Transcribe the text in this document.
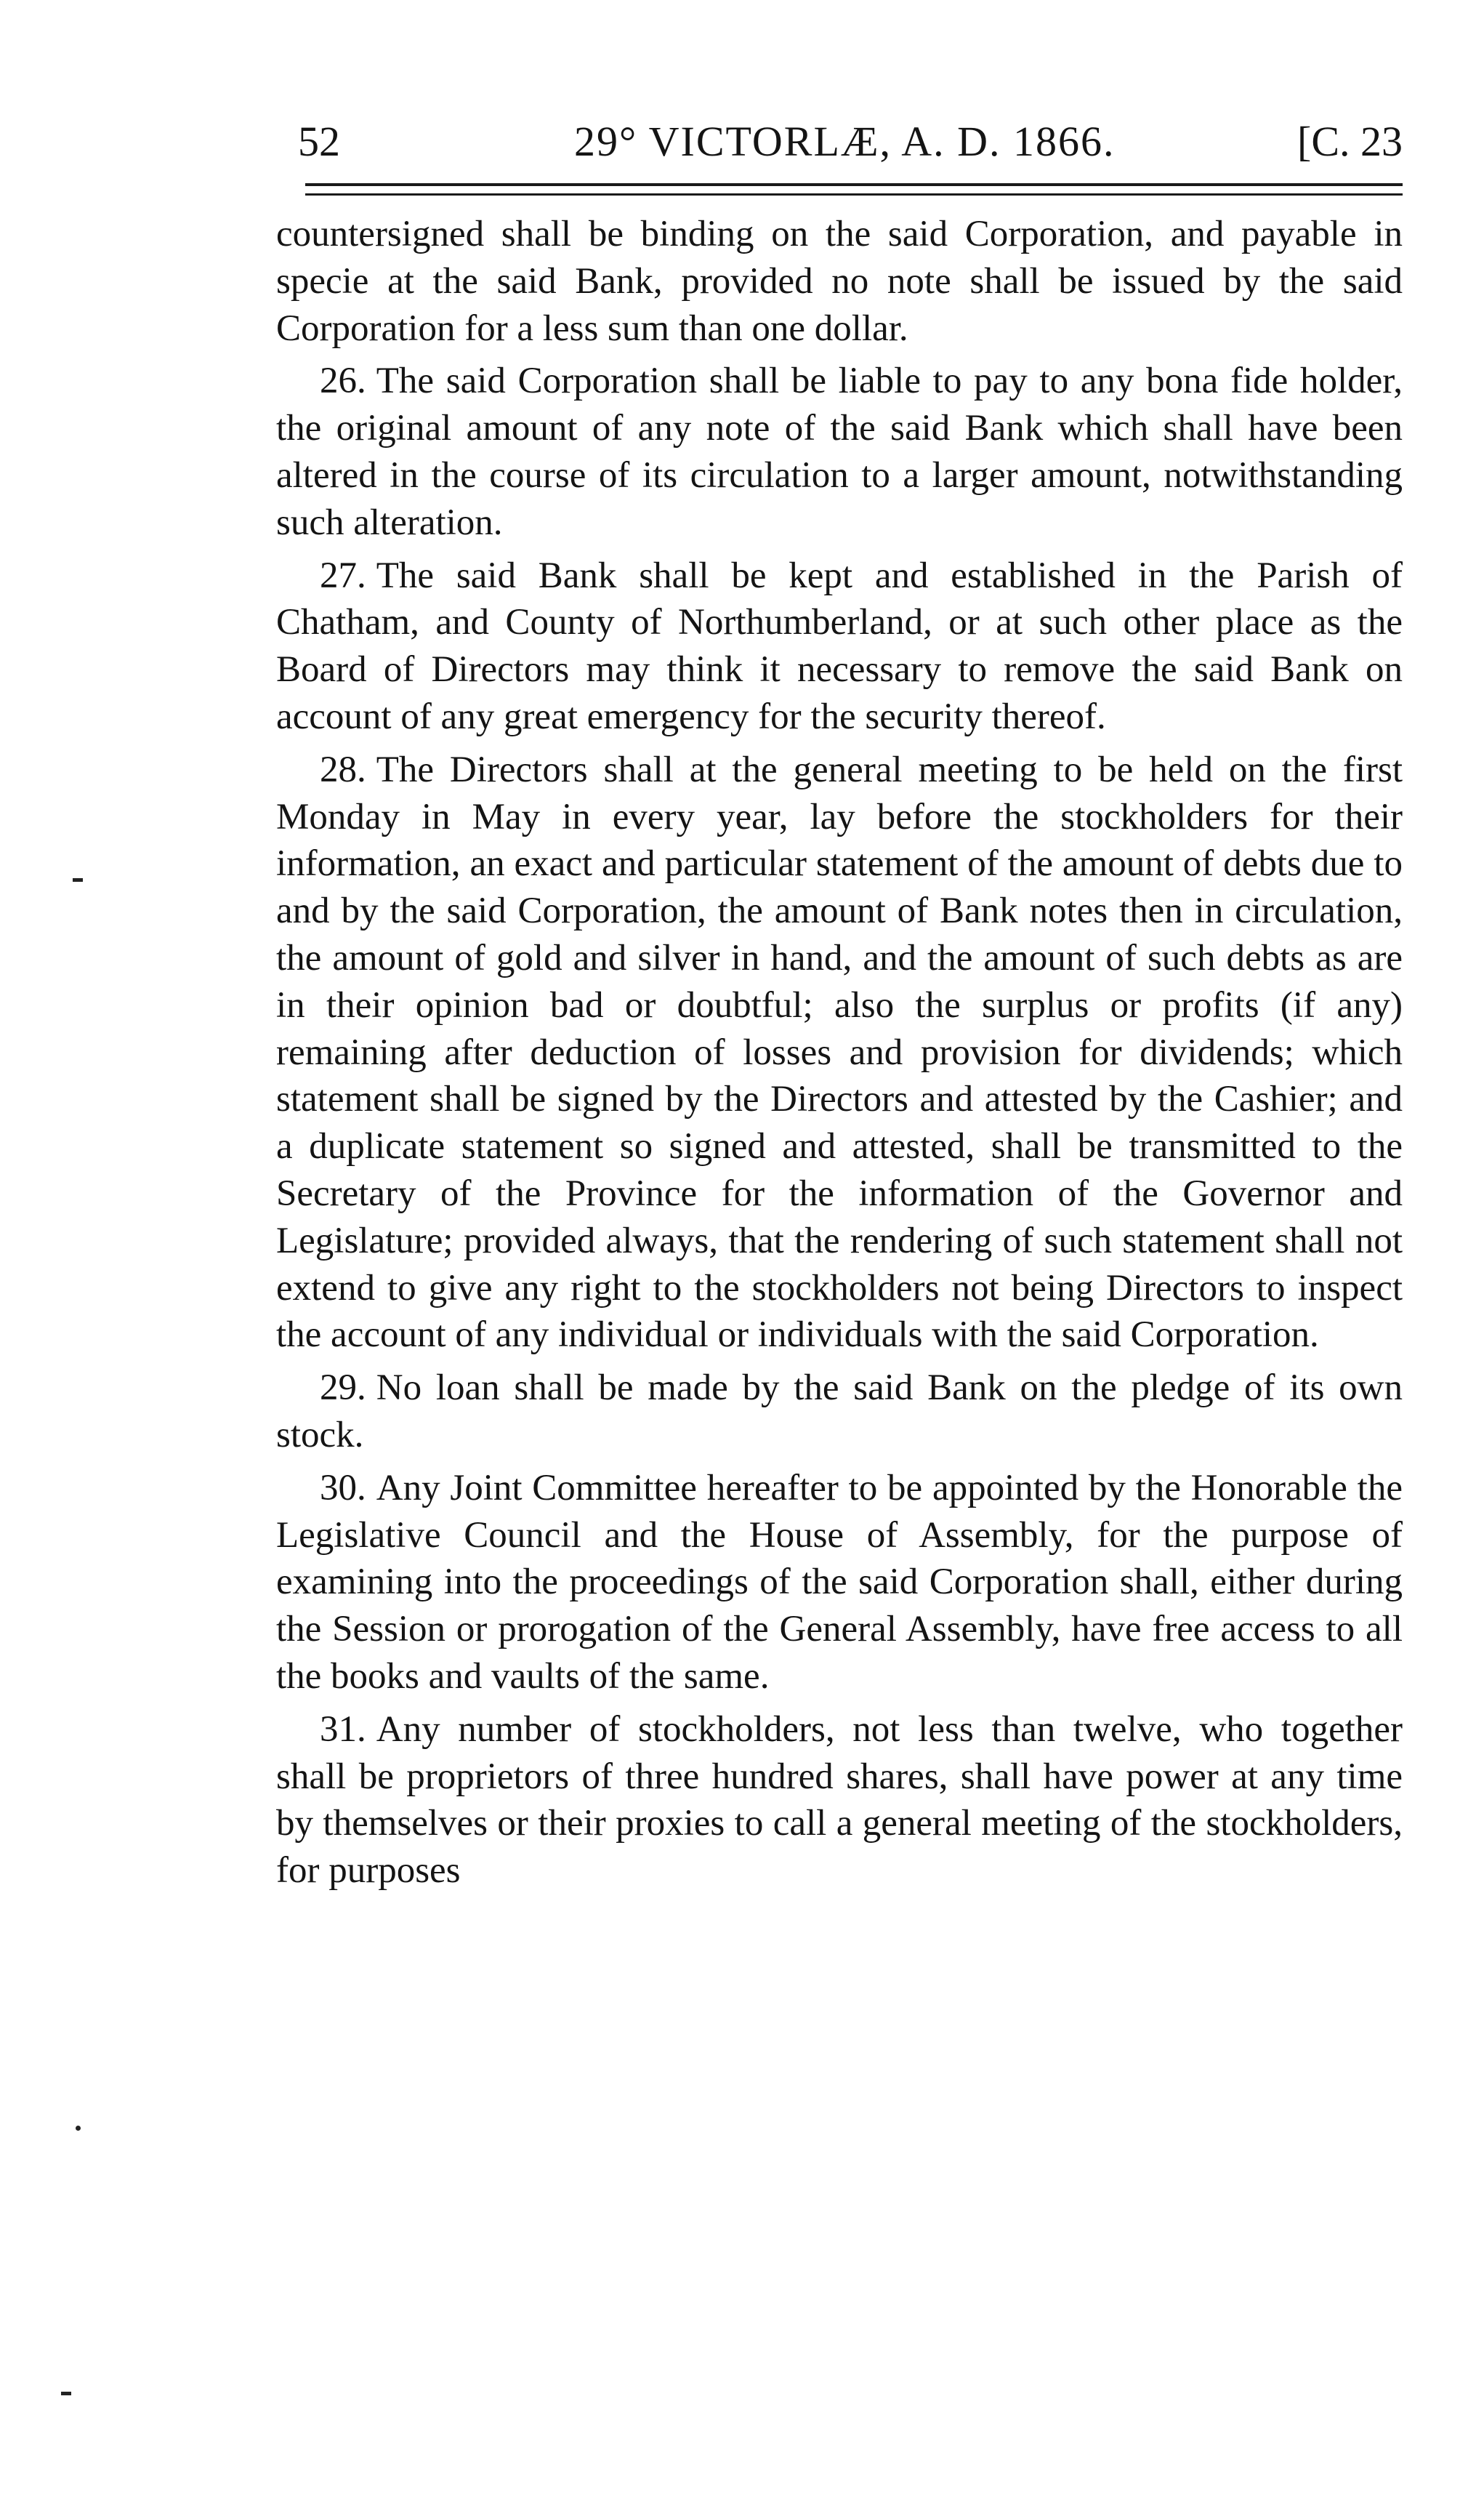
52	29° VICTORLÆ, A. D. 1866.	[C. 23

countersigned shall be binding on the said Corporation, and payable in specie at the said Bank, provided no note shall be issued by the said Corporation for a less sum than one dollar.

26. The said Corporation shall be liable to pay to any bona fide holder, the original amount of any note of the said Bank which shall have been altered in the course of its circulation to a larger amount, notwithstanding such alteration.

27. The said Bank shall be kept and established in the Parish of Chatham, and County of Northumberland, or at such other place as the Board of Directors may think it necessary to remove the said Bank on account of any great emergency for the security thereof.

28. The Directors shall at the general meeting to be held on the first Monday in May in every year, lay before the stockholders for their information, an exact and particular statement of the amount of debts due to and by the said Corporation, the amount of Bank notes then in circulation, the amount of gold and silver in hand, and the amount of such debts as are in their opinion bad or doubtful; also the surplus or profits (if any) remaining after deduction of losses and provision for dividends; which statement shall be signed by the Directors and attested by the Cashier; and a duplicate statement so signed and attested, shall be transmitted to the Secretary of the Province for the information of the Governor and Legislature; provided always, that the rendering of such statement shall not extend to give any right to the stockholders not being Directors to inspect the account of any individual or individuals with the said Corporation.

29. No loan shall be made by the said Bank on the pledge of its own stock.

30. Any Joint Committee hereafter to be appointed by the Honorable the Legislative Council and the House of Assembly, for the purpose of examining into the proceedings of the said Corporation shall, either during the Session or prorogation of the General Assembly, have free access to all the books and vaults of the same.

31. Any number of stockholders, not less than twelve, who together shall be proprietors of three hundred shares, shall have power at any time by themselves or their proxies to call a general meeting of the stockholders, for purposes
